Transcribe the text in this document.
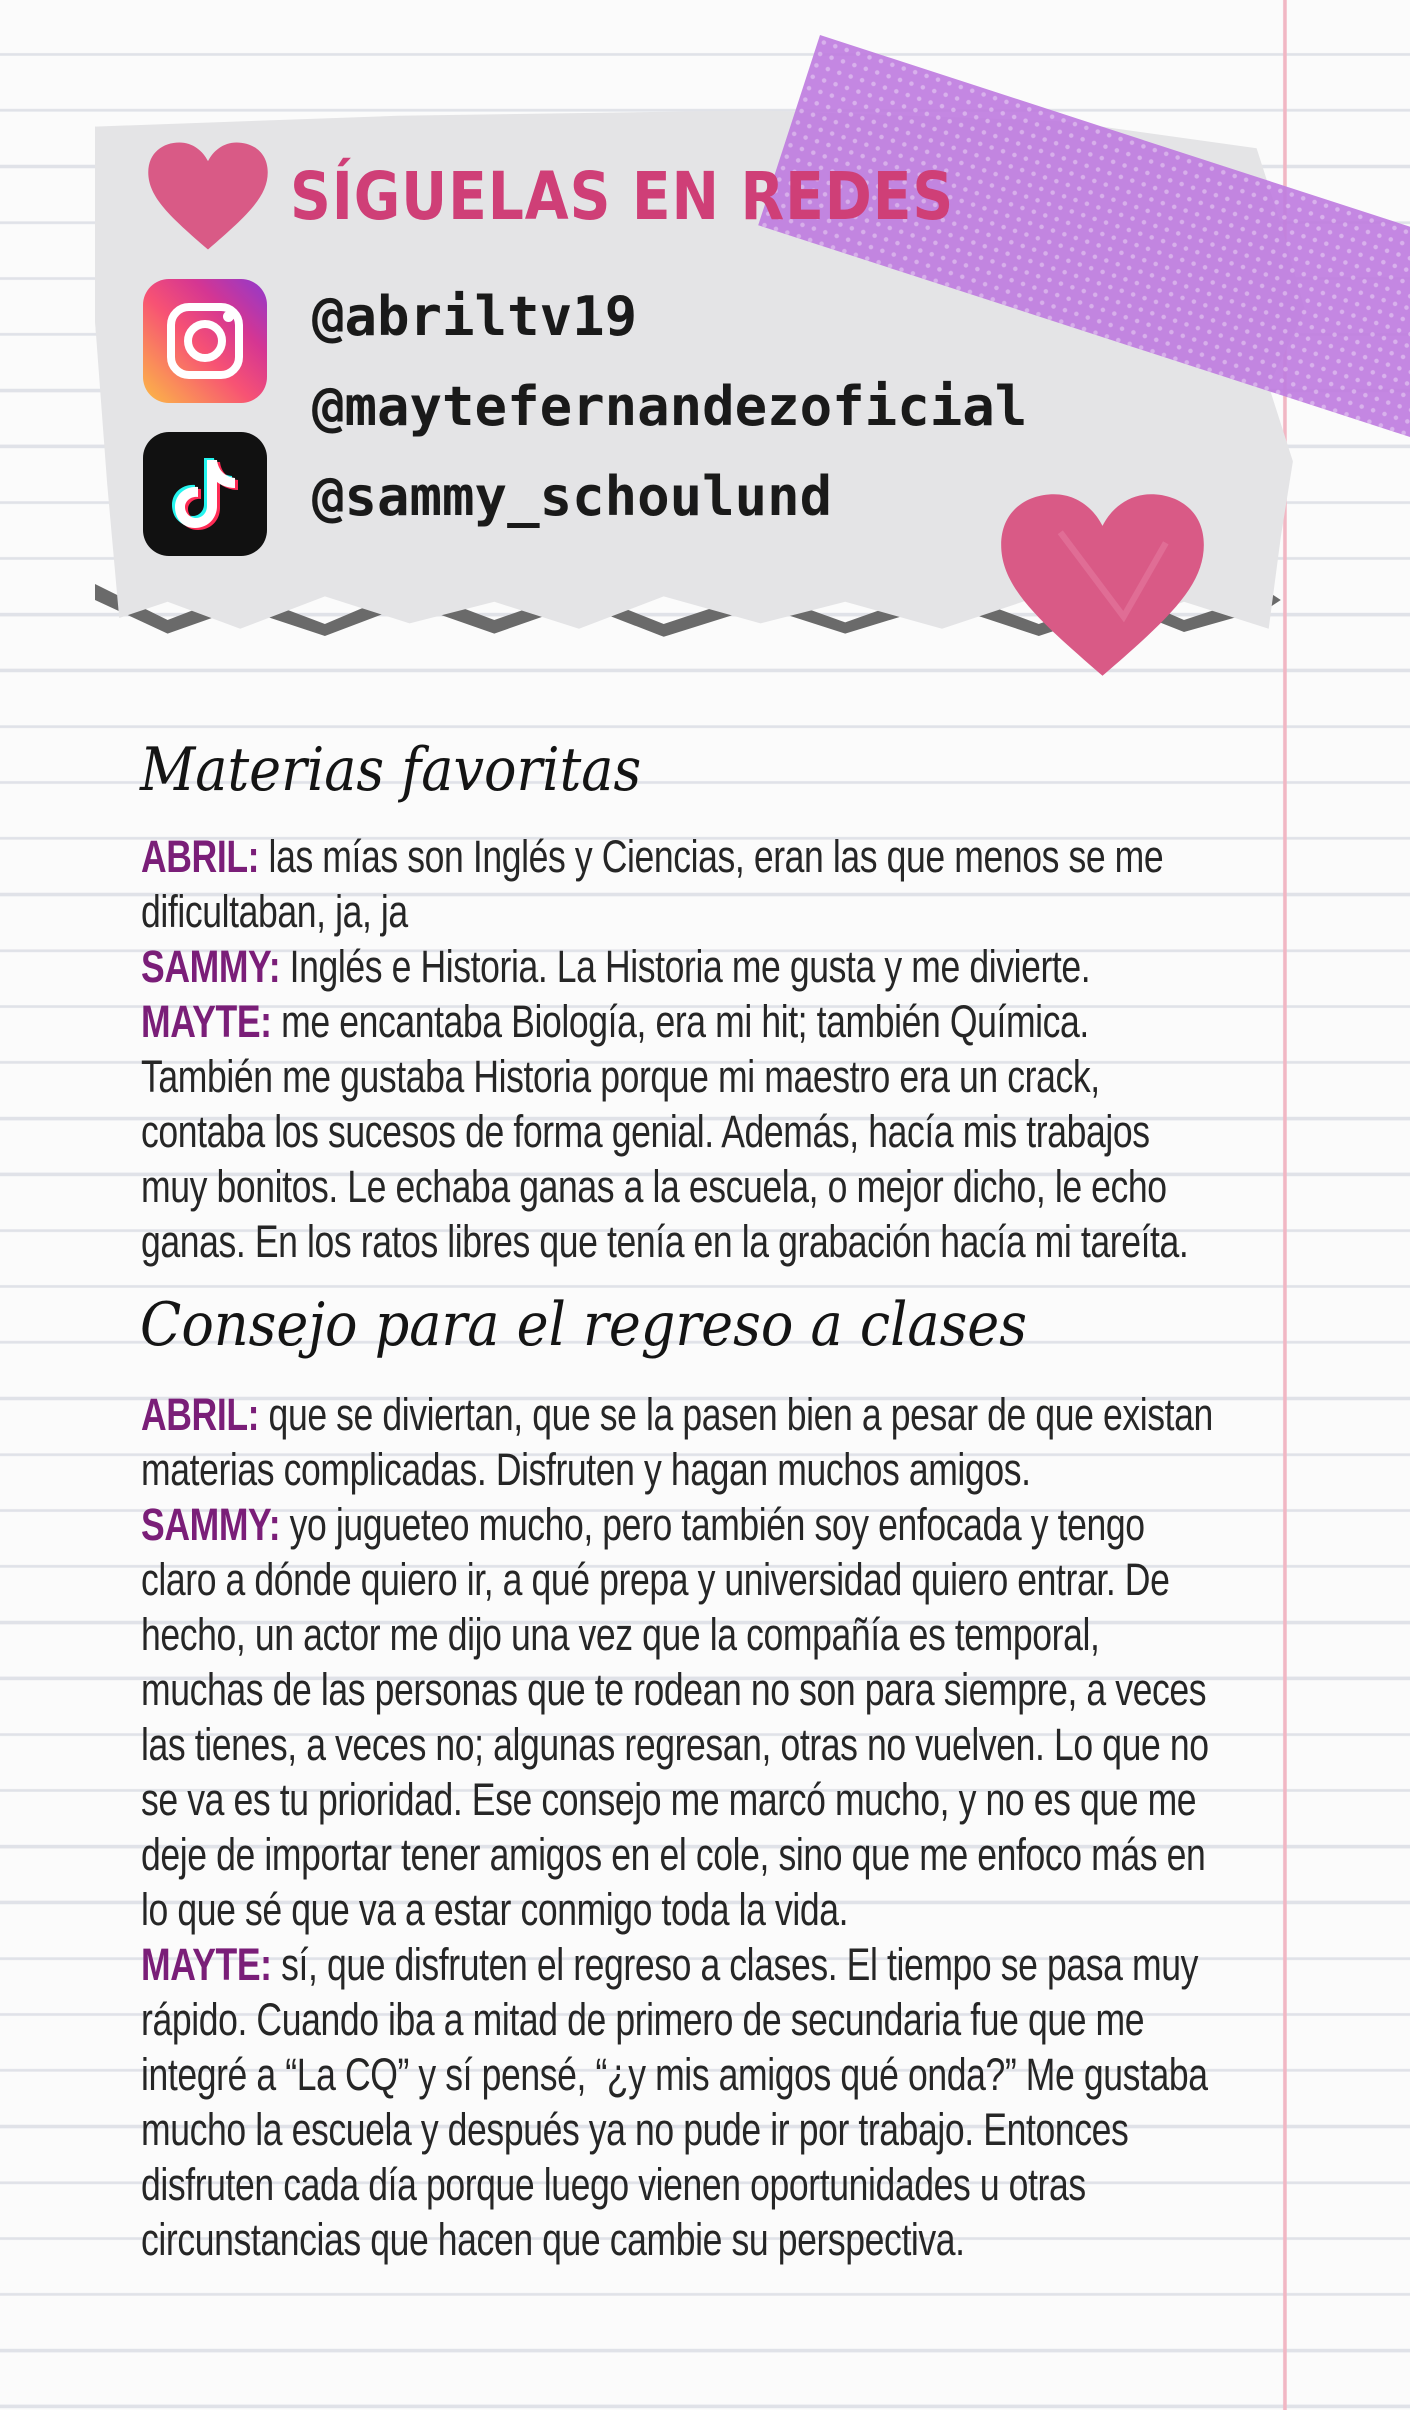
SÍGUELAS EN REDES
@abriltv19
@maytefernandezoficial
@sammy_schoulund
Materias favoritas
ABRIL: las mías son Inglés y Ciencias, eran las que menos se me
dificultaban, ja, ja
SAMMY: Inglés e Historia. La Historia me gusta y me divierte.
MAYTE: me encantaba Biología, era mi hit; también Química.
También me gustaba Historia porque mi maestro era un crack,
contaba los sucesos de forma genial. Además, hacía mis trabajos
muy bonitos. Le echaba ganas a la escuela, o mejor dicho, le echo
ganas. En los ratos libres que tenía en la grabación hacía mi tareíta.
Consejo para el regreso a clases
ABRIL: que se diviertan, que se la pasen bien a pesar de que existan
materias complicadas. Disfruten y hagan muchos amigos.
SAMMY: yo jugueteo mucho, pero también soy enfocada y tengo
claro a dónde quiero ir, a qué prepa y universidad quiero entrar. De
hecho, un actor me dijo una vez que la compañía es temporal,
muchas de las personas que te rodean no son para siempre, a veces
las tienes, a veces no; algunas regresan, otras no vuelven. Lo que no
se va es tu prioridad. Ese consejo me marcó mucho, y no es que me
deje de importar tener amigos en el cole, sino que me enfoco más en
lo que sé que va a estar conmigo toda la vida.
MAYTE: sí, que disfruten el regreso a clases. El tiempo se pasa muy
rápido. Cuando iba a mitad de primero de secundaria fue que me
integré a “La CQ” y sí pensé, “¿y mis amigos qué onda?” Me gustaba
mucho la escuela y después ya no pude ir por trabajo. Entonces
disfruten cada día porque luego vienen oportunidades u otras
circunstancias que hacen que cambie su perspectiva.
